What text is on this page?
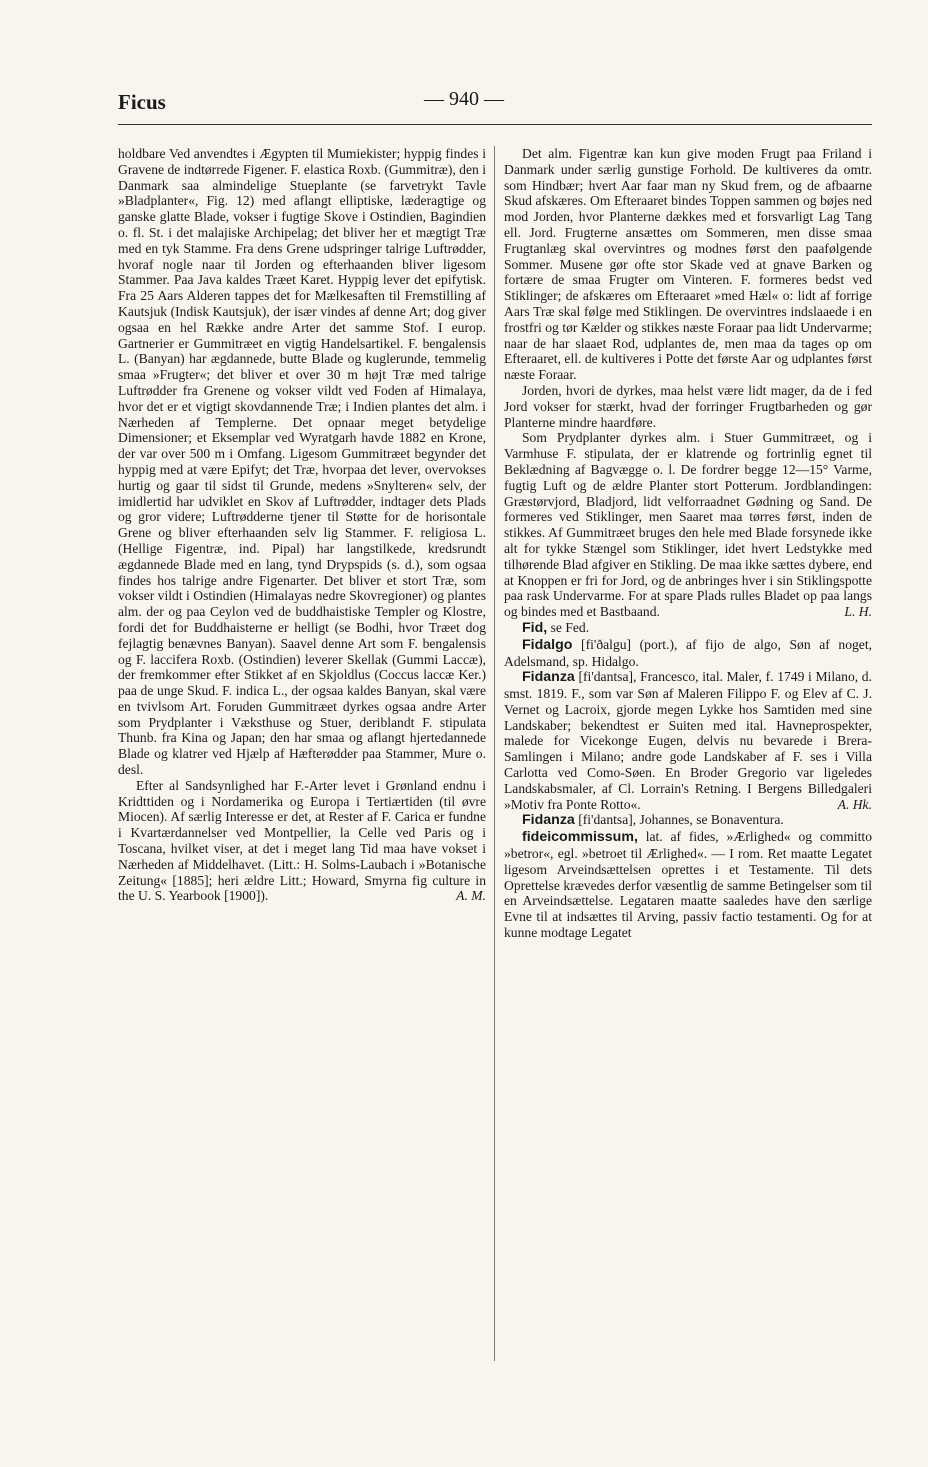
Ficus	— 940 —

holdbare Ved anvendtes i Ægypten til Mumiekister; hyppig findes i Gravene de indtørrede Figener. F. elastica Roxb. (Gummitræ), den i Danmark saa almindelige Stueplante (se farvetrykt Tavle »Bladplanter«, Fig. 12) med aflangt elliptiske, læderagtige og ganske glatte Blade, vokser i fugtige Skove i Ostindien, Bagindien o. fl. St. i det malajiske Archipelag; det bliver her et mægtigt Træ med en tyk Stamme. Fra dens Grene udspringer talrige Luftrødder, hvoraf nogle naar til Jorden og efterhaanden bliver ligesom Stammer. Paa Java kaldes Træet Karet. Hyppig lever det epifytisk. Fra 25 Aars Alderen tappes det for Mælkesaften til Fremstilling af Kautsjuk (Indisk Kautsjuk), der især vindes af denne Art; dog giver ogsaa en hel Række andre Arter det samme Stof. I europ. Gartnerier er Gummitræet en vigtig Handelsartikel. F. bengalensis L. (Banyan) har ægdannede, butte Blade og kuglerunde, temmelig smaa »Frugter«; det bliver et over 30 m højt Træ med talrige Luftrødder fra Grenene og vokser vildt ved Foden af Himalaya, hvor det er et vigtigt skovdannende Træ; i Indien plantes det alm. i Nærheden af Templerne. Det opnaar meget betydelige Dimensioner; et Eksemplar ved Wyratgarh havde 1882 en Krone, der var over 500 m i Omfang. Ligesom Gummitræet begynder det hyppig med at være Epifyt; det Træ, hvorpaa det lever, overvokses hurtig og gaar til sidst til Grunde, medens »Snylteren« selv, der imidlertid har udviklet en Skov af Luftrødder, indtager dets Plads og gror videre; Luftrødderne tjener til Støtte for de horisontale Grene og bliver efterhaanden selv lig Stammer. F. religiosa L. (Hellige Figentræ, ind. Pipal) har langstilkede, kredsrundt ægdannede Blade med en lang, tynd Drypspids (s. d.), som ogsaa findes hos talrige andre Figenarter. Det bliver et stort Træ, som vokser vildt i Ostindien (Himalayas nedre Skovregioner) og plantes alm. der og paa Ceylon ved de buddhaistiske Templer og Klostre, fordi det for Buddhaisterne er helligt (se Bodhi, hvor Træet dog fejlagtig benævnes Banyan). Saavel denne Art som F. bengalensis og F. laccifera Roxb. (Ostindien) leverer Skellak (Gummi Laccæ), der fremkommer efter Stikket af en Skjoldlus (Coccus laccæ Ker.) paa de unge Skud. F. indica L., der ogsaa kaldes Banyan, skal være en tvivlsom Art. Foruden Gummitræet dyrkes ogsaa andre Arter som Prydplanter i Væksthuse og Stuer, deriblandt F. stipulata Thunb. fra Kina og Japan; den har smaa og aflangt hjertedannede Blade og klatrer ved Hjælp af Hæfterødder paa Stammer, Mure o. desl.

Efter al Sandsynlighed har F.-Arter levet i Grønland endnu i Kridttiden og i Nordamerika og Europa i Tertiærtiden (til øvre Miocen). Af særlig Interesse er det, at Rester af F. Carica er fundne i Kvartærdannelser ved Montpellier, la Celle ved Paris og i Toscana, hvilket viser, at det i meget lang Tid maa have vokset i Nærheden af Middelhavet. (Litt.: H. Solms-Laubach i »Botanische Zeitung« [1885]; heri ældre Litt.; Howard, Smyrna fig culture in the U. S. Yearbook [1900]).	A. M.

Det alm. Figentræ kan kun give moden Frugt paa Friland i Danmark under særlig gunstige Forhold. De kultiveres da omtr. som Hindbær; hvert Aar faar man ny Skud frem, og de afbaarne Skud afskæres. Om Efteraaret bindes Toppen sammen og bøjes ned mod Jorden, hvor Planterne dækkes med et forsvarligt Lag Tang ell. Jord. Frugterne ansættes om Sommeren, men disse smaa Frugtanlæg skal overvintres og modnes først den paafølgende Sommer. Musene gør ofte stor Skade ved at gnave Barken og fortære de smaa Frugter om Vinteren. F. formeres bedst ved Stiklinger; de afskæres om Efteraaret »med Hæl« o: lidt af forrige Aars Træ skal følge med Stiklingen. De overvintres indslaaede i en frostfri og tør Kælder og stikkes næste Foraar paa lidt Undervarme; naar de har slaaet Rod, udplantes de, men maa da tages op om Efteraaret, ell. de kultiveres i Potte det første Aar og udplantes først næste Foraar.

Jorden, hvori de dyrkes, maa helst være lidt mager, da de i fed Jord vokser for stærkt, hvad der forringer Frugtbarheden og gør Planterne mindre haardføre.

Som Prydplanter dyrkes alm. i Stuer Gummitræet, og i Varmhuse F. stipulata, der er klatrende og fortrinlig egnet til Beklædning af Bagvægge o. l. De fordrer begge 12—15° Varme, fugtig Luft og de ældre Planter stort Potterum. Jordblandingen: Græstørvjord, Bladjord, lidt velforraadnet Gødning og Sand. De formeres ved Stiklinger, men Saaret maa tørres først, inden de stikkes. Af Gummitræet bruges den hele med Blade forsynede ikke alt for tykke Stængel som Stiklinger, idet hvert Ledstykke med tilhørende Blad afgiver en Stikling. De maa ikke sættes dybere, end at Knoppen er fri for Jord, og de anbringes hver i sin Stiklingspotte paa rask Undervarme. For at spare Plads rulles Bladet op paa langs og bindes med et Bastbaand.	L. H.

Fid, se Fed.

Fidalgo [fi'ðalgu] (port.), af fijo de algo, Søn af noget, Adelsmand, sp. Hidalgo.

Fidanza [fi'dantsa], Francesco, ital. Maler, f. 1749 i Milano, d. smst. 1819. F., som var Søn af Maleren Filippo F. og Elev af C. J. Vernet og Lacroix, gjorde megen Lykke hos Samtiden med sine Landskaber; bekendtest er Suiten med ital. Havneprospekter, malede for Vicekonge Eugen, delvis nu bevarede i Brera-Samlingen i Milano; andre gode Landskaber af F. ses i Villa Carlotta ved Como-Søen. En Broder Gregorio var ligeledes Landskabsmaler, af Cl. Lorrain's Retning. I Bergens Billedgaleri »Motiv fra Ponte Rotto«.	A. Hk.

Fidanza [fi'dantsa], Johannes, se Bonaventura.

fideicommissum, lat. af fides, »Ærlighed« og committo »betror«, egl. »betroet til Ærlighed«. — I rom. Ret maatte Legatet ligesom Arveindsættelsen oprettes i et Testamente. Til dets Oprettelse krævedes derfor væsentlig de samme Betingelser som til en Arveindsættelse. Legataren maatte saaledes have den særlige Evne til at indsættes til Arving, passiv factio testamenti. Og for at kunne modtage Legatet
